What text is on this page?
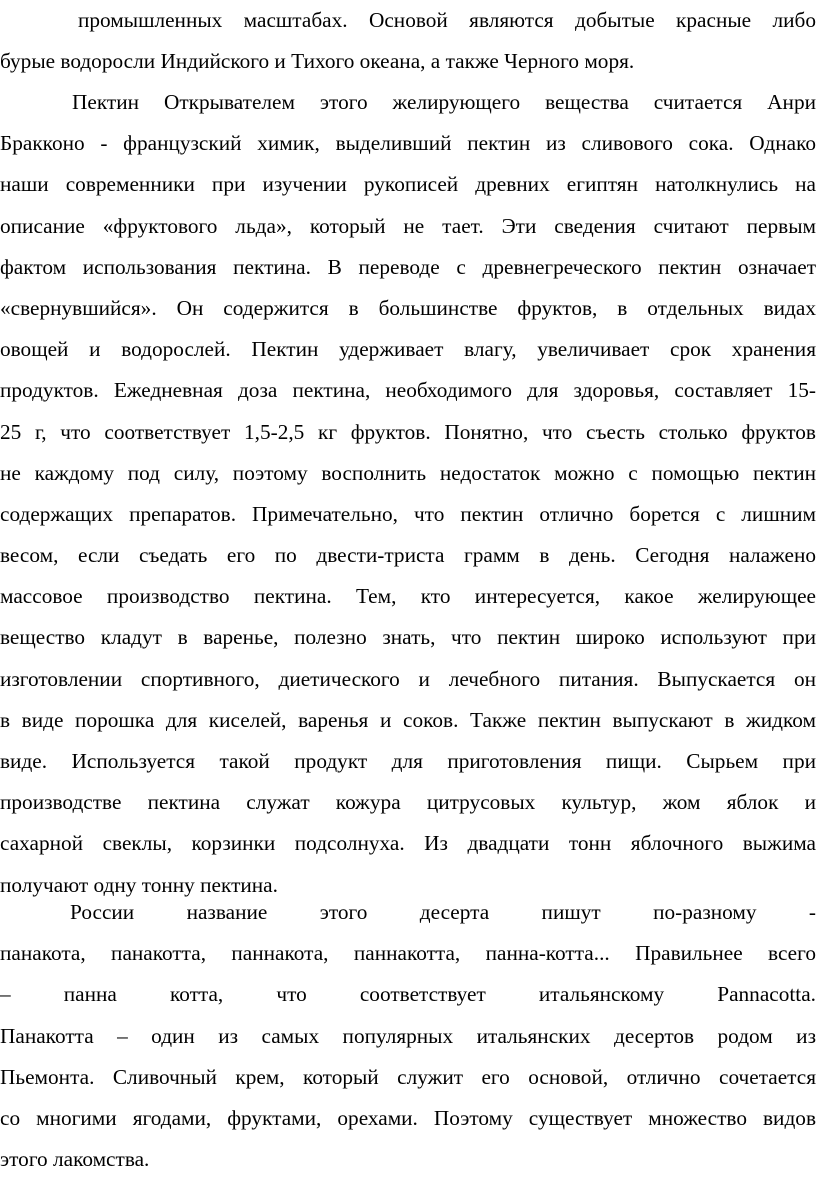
промышленных масштабах. Основой являются добытые красные либо
бурые водоросли Индийского и Тихого океана, а также Черного моря.
Пектин Открывателем этого желирующего вещества считается Анри
Бракконо - французский химик, выделивший пектин из сливового сока. Однако
наши современники при изучении рукописей древних египтян натолкнулись на
описание «фруктового льда», который не тает. Эти сведения считают первым
фактом использования пектина. В переводе с древнегреческого пектин означает
«свернувшийся». Он содержится в большинстве фруктов, в отдельных видах
овощей и водорослей. Пектин удерживает влагу, увеличивает срок хранения
продуктов. Ежедневная доза пектина, необходимого для здоровья, составляет 15-
25 г, что соответствует 1,5-2,5 кг фруктов. Понятно, что съесть столько фруктов
не каждому под силу, поэтому восполнить недостаток можно с помощью пектин
содержащих препаратов. Примечательно, что пектин отлично борется с лишним
весом, если съедать его по двести-триста грамм в день. Сегодня налажено
массовое производство пектина. Тем, кто интересуется, какое желирующее
вещество кладут в варенье, полезно знать, что пектин широко используют при
изготовлении спортивного, диетического и лечебного питания. Выпускается он
в виде порошка для киселей, варенья и соков. Также пектин выпускают в жидком
виде. Используется такой продукт для приготовления пищи. Сырьем при
производстве пектина служат кожура цитрусовых культур, жом яблок и
сахарной свеклы, корзинки подсолнуха. Из двадцати тонн яблочного выжима
получают одну тонну пектина.
России название этого десерта пишут по-разному -
панакота, панакотта, паннакота, паннакотта, панна-котта... Правильнее всего
– панна котта, что соответствует итальянскому Pannacotta.
Панакотта – один из самых популярных итальянских десертов родом из
Пьемонта. Сливочный крем, который служит его основой, отлично сочетается
со многими ягодами, фруктами, орехами. Поэтому существует множество видов
этого лакомства.
